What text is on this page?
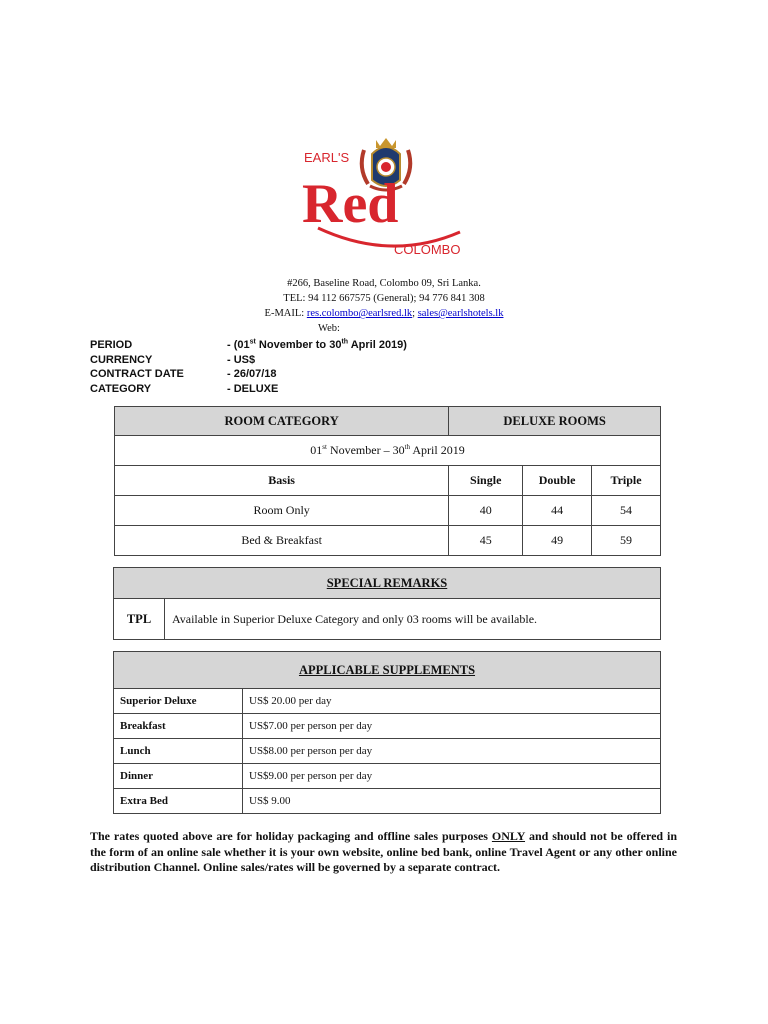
EARL'S
Red
COLOMBO
#266, Baseline Road, Colombo 09, Sri Lanka.
TEL: 94 112 667575 (General); 94 776 841 308
E-MAIL: res.colombo@earlsred.lk; sales@earlshotels.lk
Web:
PERIOD	- (01st November to 30th April 2019)
CURRENCY	- US$
CONTRACT DATE	- 26/07/18
CATEGORY	- DELUXE
ROOM CATEGORY	DELUXE ROOMS		
01st November – 30th April 2019			
Basis	Single	Double	Triple
Room Only	40	44	54
Bed & Breakfast	45	49	59
SPECIAL REMARKS
TPL	Available in Superior Deluxe Category and only 03 rooms will be available.
APPLICABLE SUPPLEMENTS	
Superior Deluxe	US$ 20.00 per day
Breakfast	US$7.00 per person per day
Lunch	US$8.00 per person per day
Dinner	US$9.00 per person per day
Extra Bed	US$ 9.00
The rates quoted above are for holiday packaging and offline sales purposes ONLY and should not be offered in the form of an online sale whether it is your own website, online bed bank, online Travel Agent or any other online distribution Channel. Online sales/rates will be governed by a separate contract.
